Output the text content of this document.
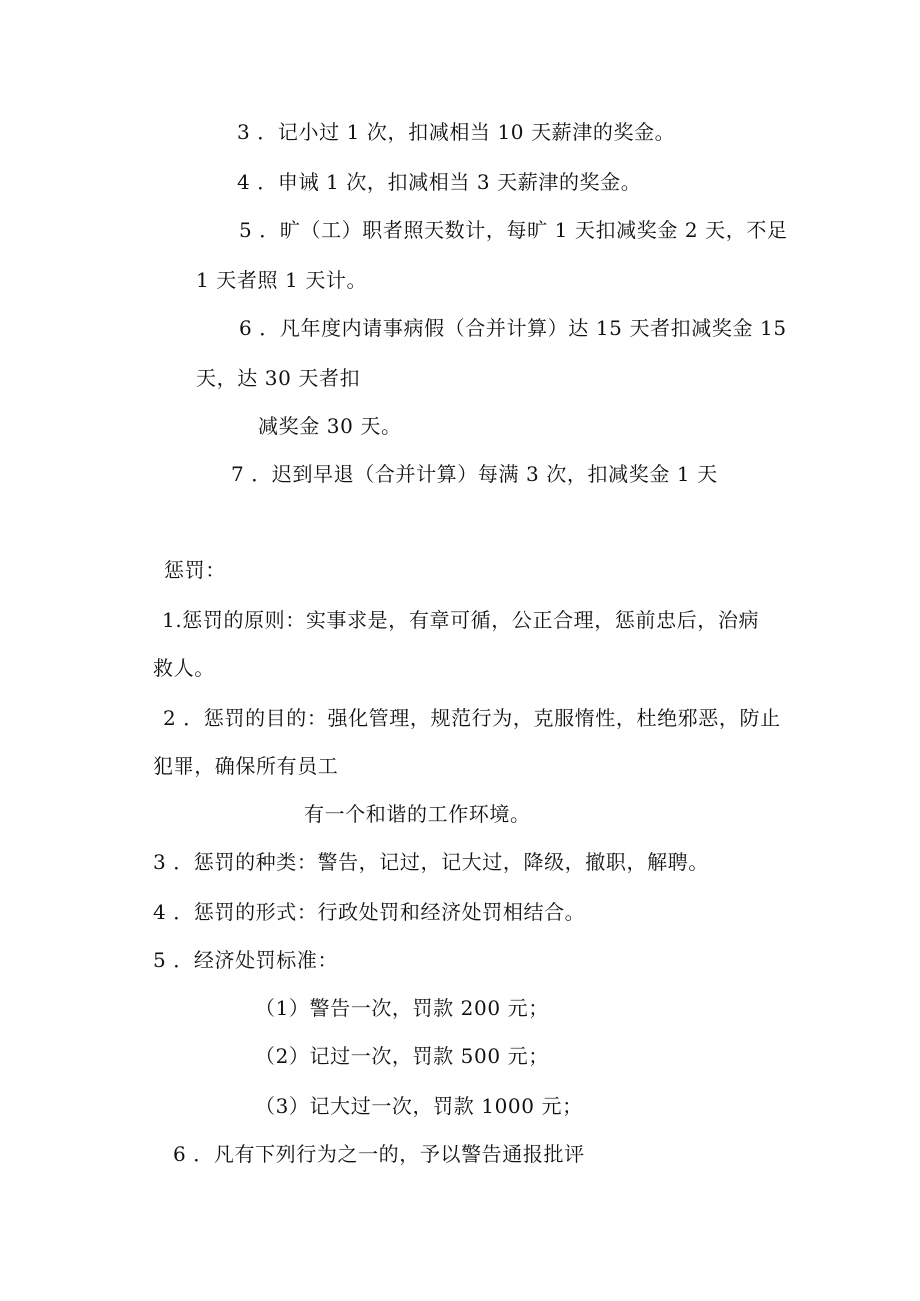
3 ．记小过 1 次，扣减相当 10 天薪津的奖金。
4 ．申诫 1 次，扣减相当 3 天薪津的奖金。
5 ．旷（工）职者照天数计，每旷 1 天扣减奖金 2 天，不足
1 天者照 1 天计。
6 ．凡年度内请事病假（合并计算）达 15 天者扣减奖金 15
天，达 30 天者扣
减奖金 30 天。
7 ．迟到早退（合并计算）每满 3 次，扣减奖金 1 天
惩罚：
1.惩罚的原则：实事求是，有章可循，公正合理，惩前忠后，治病
救人。
2 ．惩罚的目的：强化管理，规范行为，克服惰性，杜绝邪恶，防止
犯罪，确保所有员工
有一个和谐的工作环境。
3 ．惩罚的种类：警告，记过，记大过，降级，撤职，解聘。
4 ．惩罚的形式：行政处罚和经济处罚相结合。
5 ．经济处罚标准：
（1）警告一次，罚款 200 元；
（2）记过一次，罚款 500 元；
（3）记大过一次，罚款 1000 元；
6 ．凡有下列行为之一的，予以警告通报批评
